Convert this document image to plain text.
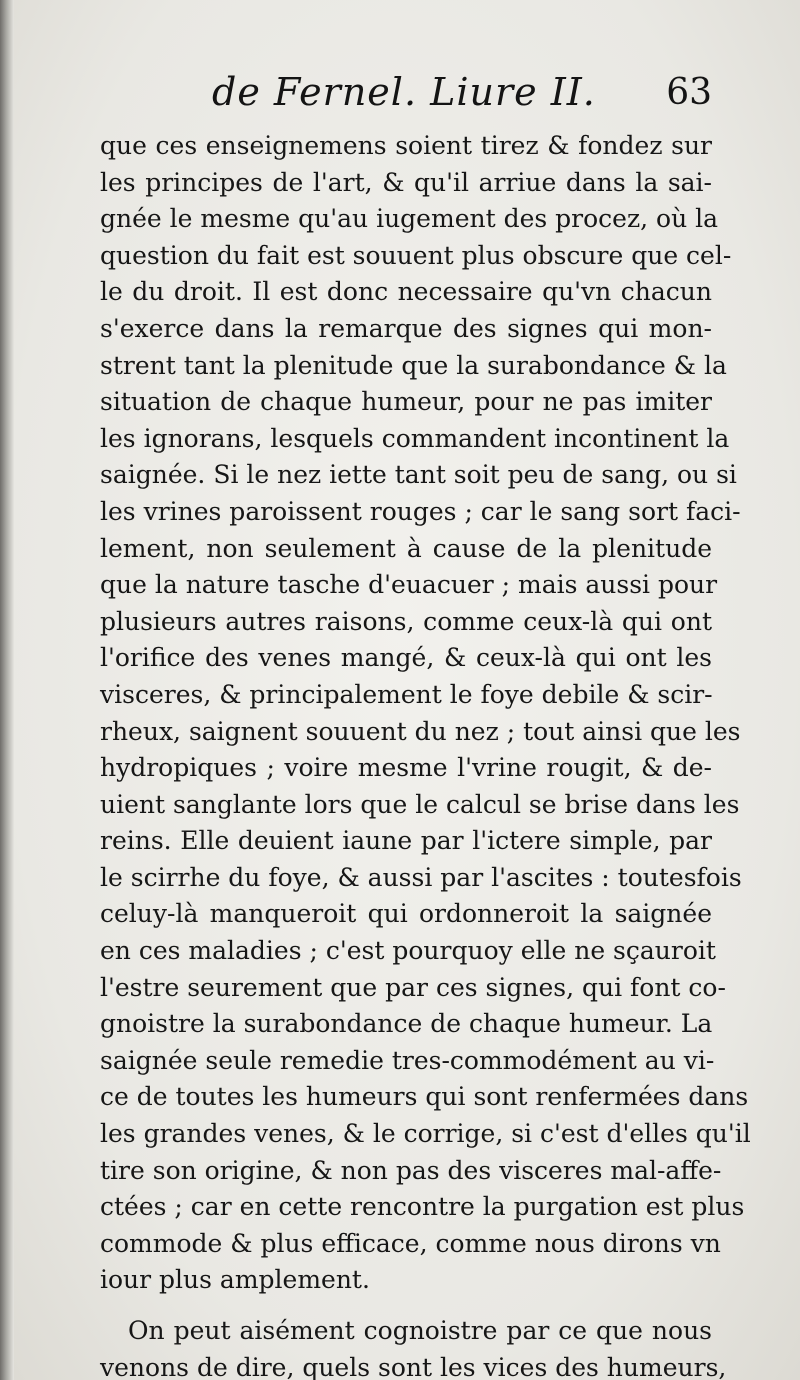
de Fernel. Liure II. 63
que ces enseignemens soient tirez & fondez sur
les principes de l'art, & qu'il arriue dans la sai-
gnée le mesme qu'au iugement des procez, où la
question du fait est souuent plus obscure que cel-
le du droit. Il est donc necessaire qu'vn chacun
s'exerce dans la remarque des signes qui mon-
strent tant la plenitude que la surabondance & la
situation de chaque humeur, pour ne pas imiter
les ignorans, lesquels commandent incontinent la
saignée. Si le nez iette tant soit peu de sang, ou si
les vrines paroissent rouges ; car le sang sort faci-
lement, non seulement à cause de la plenitude
que la nature tasche d'euacuer ; mais aussi pour
plusieurs autres raisons, comme ceux-là qui ont
l'orifice des venes mangé, & ceux-là qui ont les
visceres, & principalement le foye debile & scir-
rheux, saignent souuent du nez ; tout ainsi que les
hydropiques ; voire mesme l'vrine rougit, & de-
uient sanglante lors que le calcul se brise dans les
reins. Elle deuient iaune par l'ictere simple, par
le scirrhe du foye, & aussi par l'ascites : toutesfois
celuy-là manqueroit qui ordonneroit la saignée
en ces maladies ; c'est pourquoy elle ne sçauroit
l'estre seurement que par ces signes, qui font co-
gnoistre la surabondance de chaque humeur. La
saignée seule remedie tres-commodément au vi-
ce de toutes les humeurs qui sont renfermées dans
les grandes venes, & le corrige, si c'est d'elles qu'il
tire son origine, & non pas des visceres mal-affe-
ctées ; car en cette rencontre la purgation est plus
commode & plus efficace, comme nous dirons vn
iour plus amplement.
On peut aisément cognoistre par ce que nous
venons de dire, quels sont les vices des humeurs,
